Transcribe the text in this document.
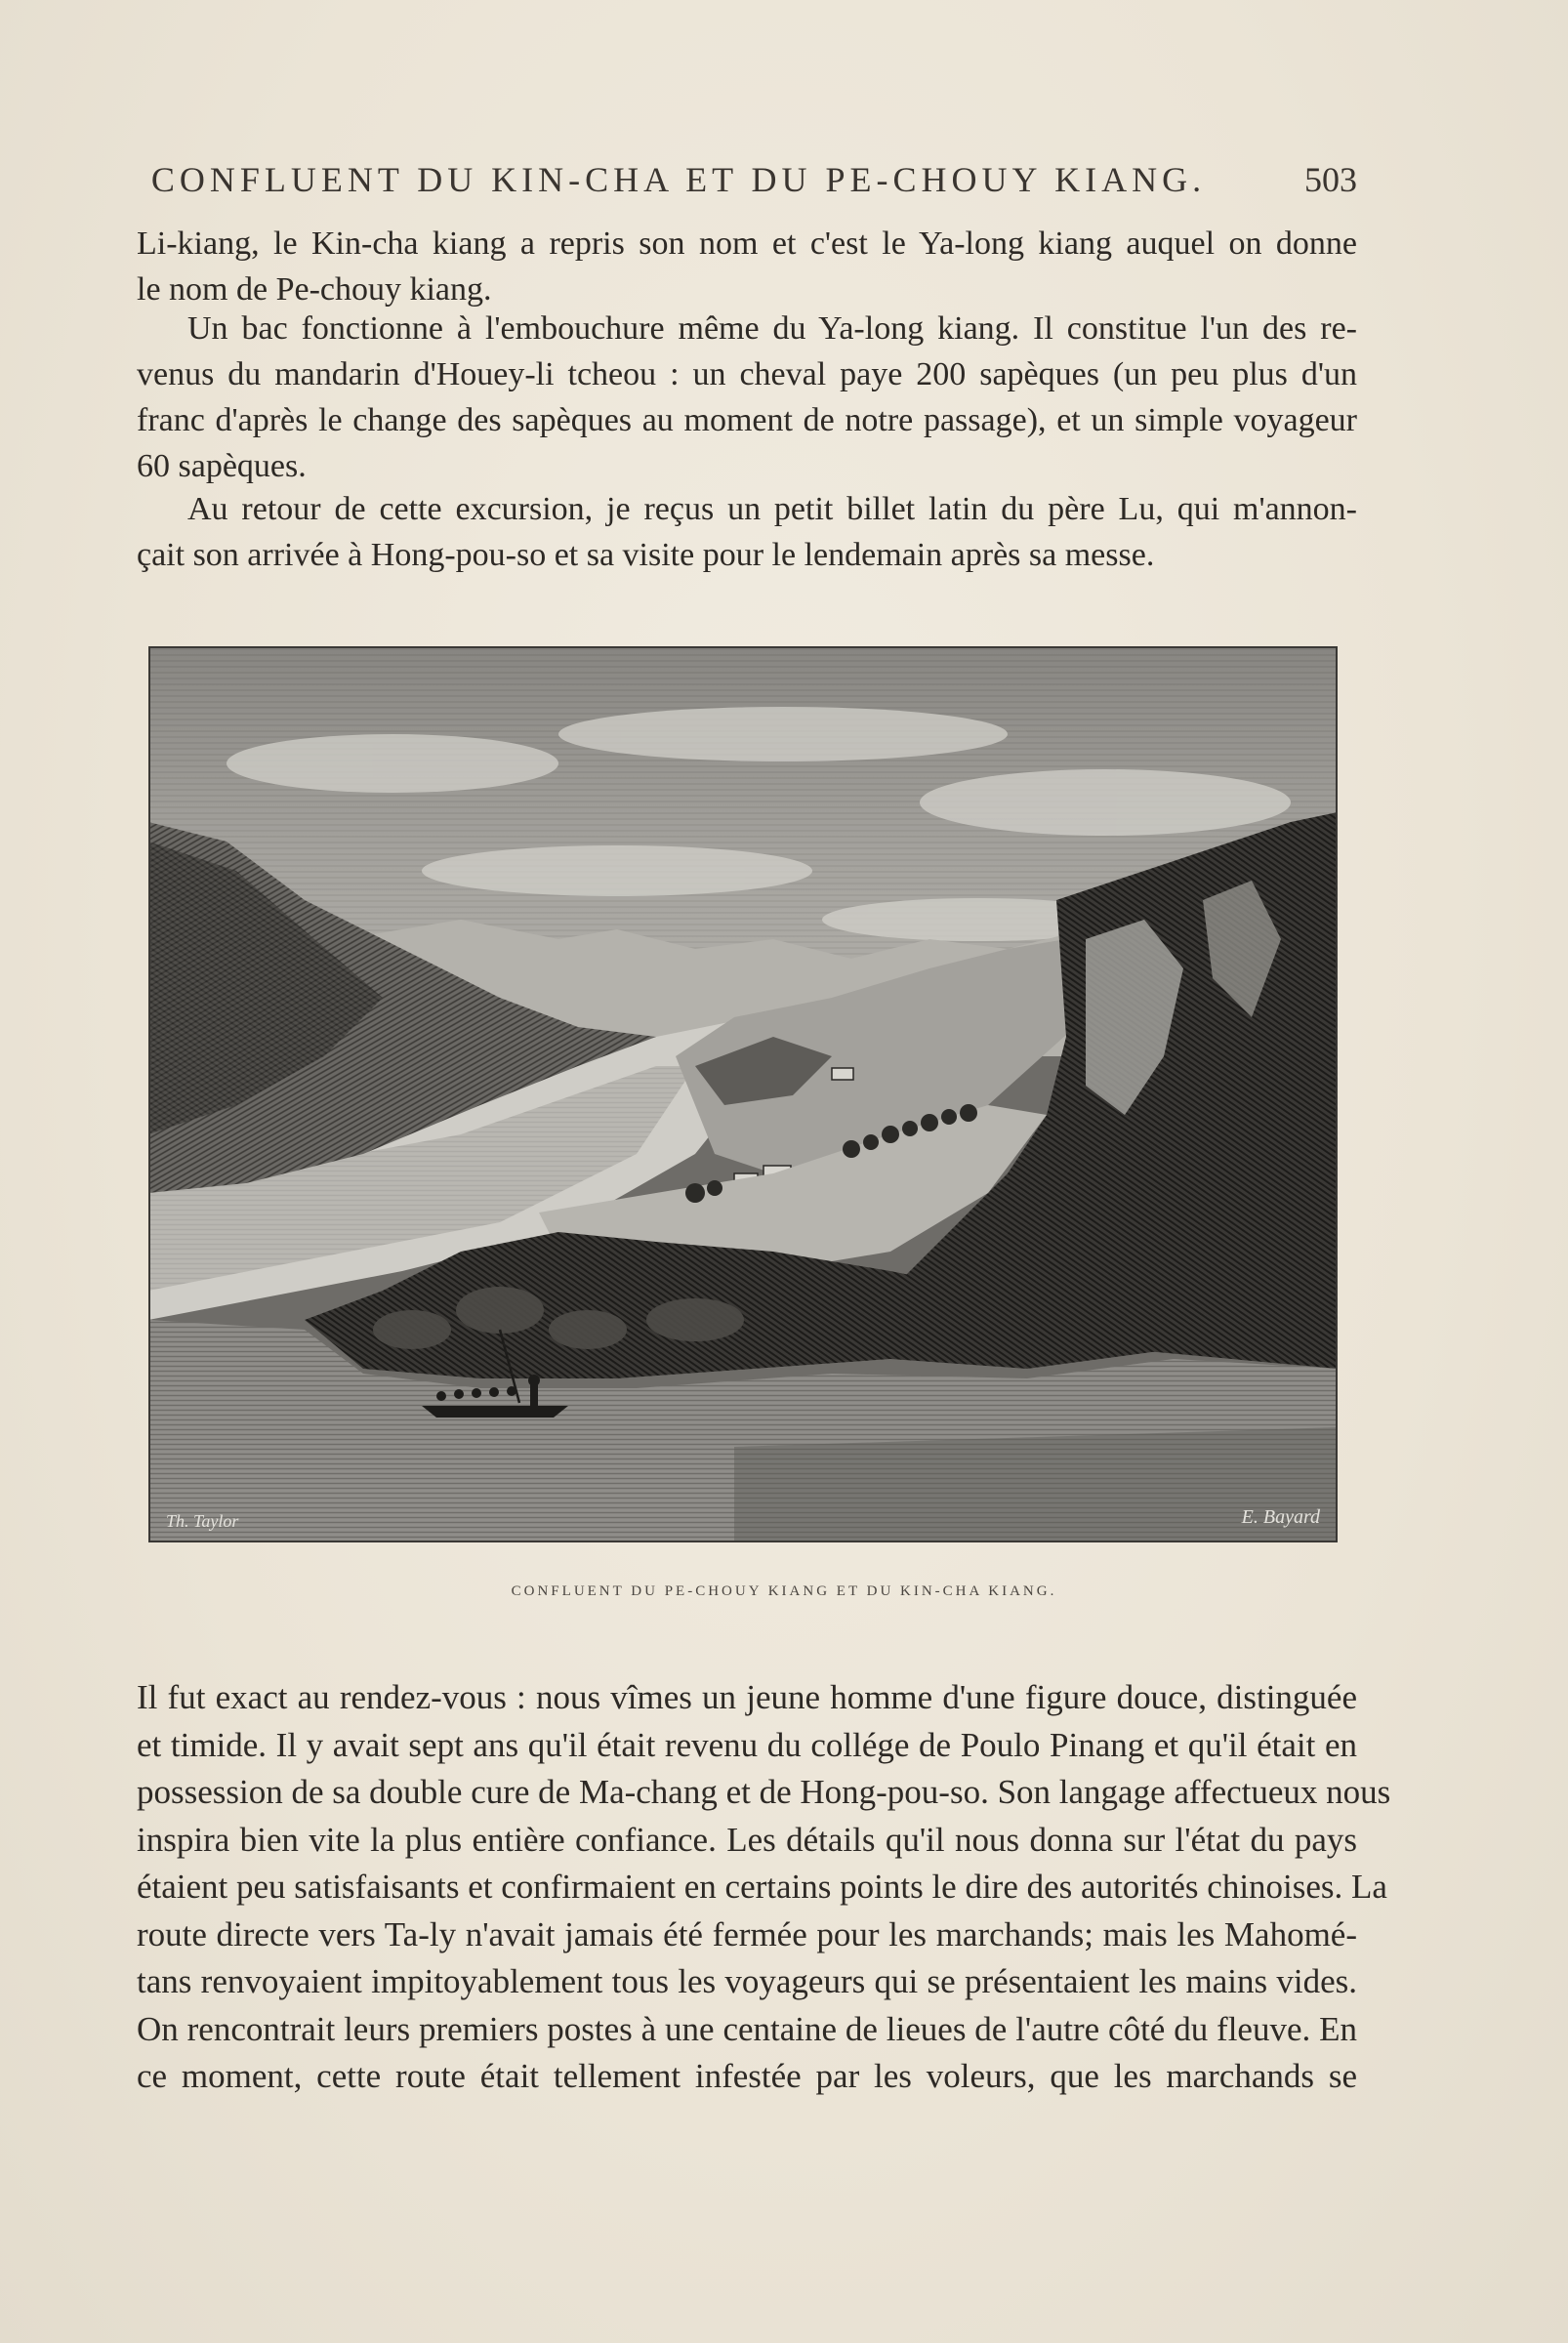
CONFLUENT DU KIN-CHA ET DU PE-CHOUY KIANG.	503
Li-kiang, le Kin-cha kiang a repris son nom et c'est le Ya-long kiang auquel on donne
le nom de Pe-chouy kiang.
Un bac fonctionne à l'embouchure même du Ya-long kiang. Il constitue l'un des re-
venus du mandarin d'Houey-li tcheou : un cheval paye 200 sapèques (un peu plus d'un
franc d'après le change des sapèques au moment de notre passage), et un simple voyageur
60 sapèques.
Au retour de cette excursion, je reçus un petit billet latin du père Lu, qui m'annon-
çait son arrivée à Hong-pou-so et sa visite pour le lendemain après sa messe.
Th. Taylor	E. Bayard
CONFLUENT DU PE-CHOUY KIANG ET DU KIN-CHA KIANG.
Il fut exact au rendez-vous : nous vîmes un jeune homme d'une figure douce, distinguée
et timide. Il y avait sept ans qu'il était revenu du collége de Poulo Pinang et qu'il était en
possession de sa double cure de Ma-chang et de Hong-pou-so. Son langage affectueux nous
inspira bien vite la plus entière confiance. Les détails qu'il nous donna sur l'état du pays
étaient peu satisfaisants et confirmaient en certains points le dire des autorités chinoises. La
route directe vers Ta-ly n'avait jamais été fermée pour les marchands; mais les Mahomé-
tans renvoyaient impitoyablement tous les voyageurs qui se présentaient les mains vides.
On rencontrait leurs premiers postes à une centaine de lieues de l'autre côté du fleuve. En
ce moment, cette route était tellement infestée par les voleurs, que les marchands se
